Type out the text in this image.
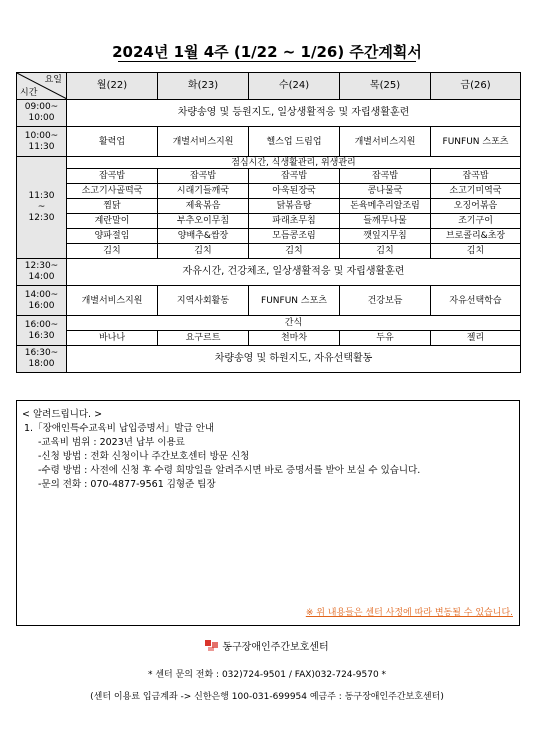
2024년 1월 4주 (1/22 ~ 1/26) 주간계획서
요일
시간	월(22)	화(23)	수(24)	목(25)	금(26)
09:00~
10:00	차량송영 및 등원지도, 일상생활적응 및 자립생활훈련				
10:00~
11:30	활력업	개별서비스지원	헬스업 드림업	개별서비스지원	FUNFUN 스포츠
11:30
~
12:30	점심시간, 식생활관리, 위생관리				
	잡곡밥	잡곡밥	잡곡밥	잡곡밥	잡곡밥
	소고기사골떡국	시래기들깨국	아욱된장국	콩나물국	소고기미역국
	찜닭	제육볶음	닭볶음탕	돈육메추리알조림	오징어볶음
	계란말이	부추오이무침	파래초무침	들깨무나물	조기구이
	양파절임	양배추&쌈장	모듬콩조림	깻잎지무침	브로콜리&초장
	김치	김치	김치	김치	김치
12:30~
14:00	자유시간, 건강체조, 일상생활적응 및 자립생활훈련				
14:00~
16:00	개별서비스지원	지역사회활동	FUNFUN 스포츠	건강보듬	자유선택학습
16:00~
16:30	간식				
	바나나	요구르트	천마차	두유	젤리
16:30~
18:00	차량송영 및 하원지도, 자유선택활동				
< 알려드립니다. >
1.「장애인특수교육비 납입증명서」발급 안내
-교육비 범위 : 2023년 납부 이용료
-신청 방법 : 전화 신청이나 주간보호센터 방문 신청
-수령 방법 : 사전에 신청 후 수령 희망일을 알려주시면 바로 증명서를 받아 보실 수 있습니다.
-문의 전화 : 070-4877-9561 김형준 팀장
※ 위 내용들은 센터 사정에 따라 변동될 수 있습니다.
동구장애인주간보호센터
* 센터 문의 전화 : 032)724-9501 / FAX)032-724-9570 *
(센터 이용료 입금계좌 -> 신한은행 100-031-699954 예금주 : 동구장애인주간보호센터)
